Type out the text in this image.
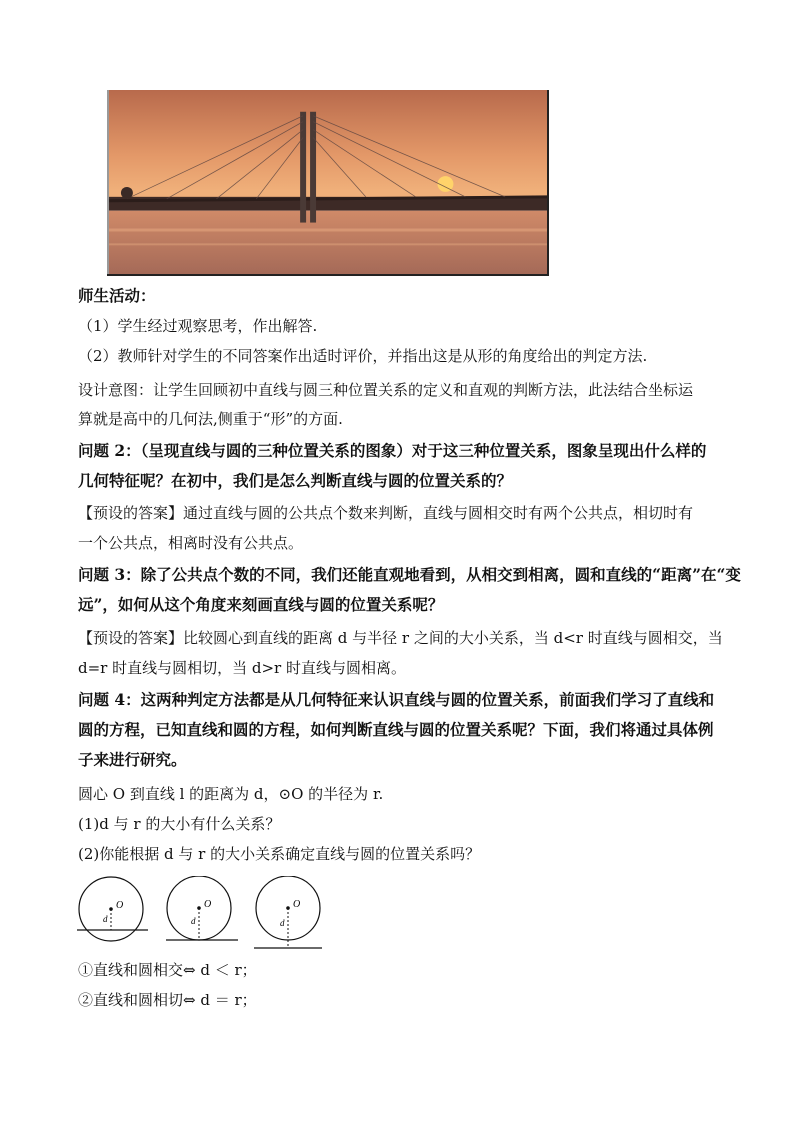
师生活动：
（1）学生经过观察思考，作出解答.
（2）教师针对学生的不同答案作出适时评价，并指出这是从形的角度给出的判定方法.
设计意图：让学生回顾初中直线与圆三种位置关系的定义和直观的判断方法，此法结合坐标运
算就是高中的几何法,侧重于“形”的方面.
问题 2：（呈现直线与圆的三种位置关系的图象）对于这三种位置关系，图象呈现出什么样的
几何特征呢？在初中，我们是怎么判断直线与圆的位置关系的？
【预设的答案】通过直线与圆的公共点个数来判断，直线与圆相交时有两个公共点，相切时有
一个公共点，相离时没有公共点。
问题 3：除了公共点个数的不同，我们还能直观地看到，从相交到相离，圆和直线的“距离”在“变
远”，如何从这个角度来刻画直线与圆的位置关系呢？
【预设的答案】比较圆心到直线的距离 d 与半径 r 之间的大小关系，当 d<r 时直线与圆相交，当
d=r 时直线与圆相切，当 d>r 时直线与圆相离。
问题 4：这两种判定方法都是从几何特征来认识直线与圆的位置关系，前面我们学习了直线和
圆的方程，已知直线和圆的方程，如何判断直线与圆的位置关系呢？下面，我们将通过具体例
子来进行研究。
圆心 O 到直线 l 的距离为 d，⊙O 的半径为 r.
(1)d 与 r 的大小有什么关系？
(2)你能根据 d 与 r 的大小关系确定直线与圆的位置关系吗？
O
d
O
d
O
d
①直线和圆相交⇔ d ＜ r；
②直线和圆相切⇔ d ＝ r；
